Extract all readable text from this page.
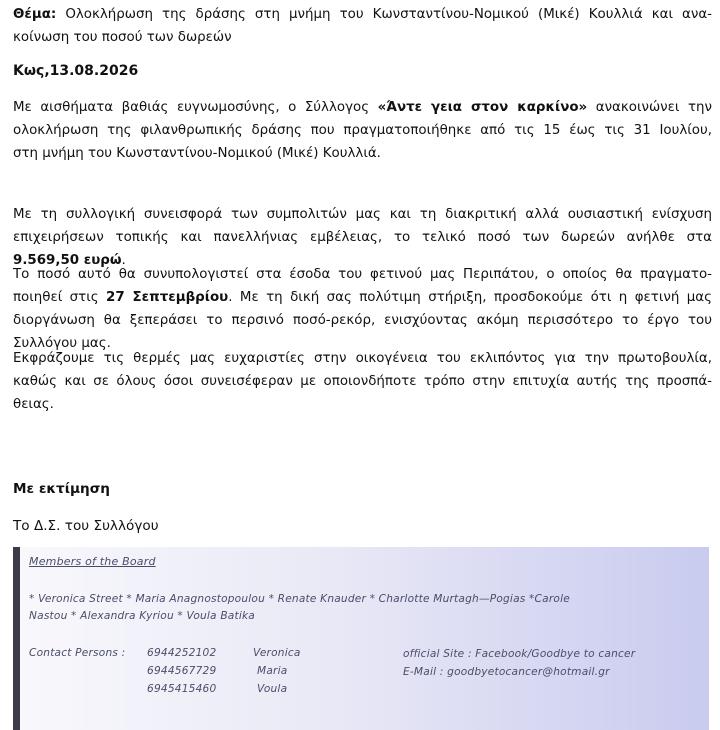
Θέμα: Ολοκλήρωση της δράσης στη μνήμη του Κωνσταντίνου-Νομικού (Μικέ) Κουλλιά και ανα-
κοίνωση του ποσού των δωρεών

Κως,13.08.2026

Με αισθήματα βαθιάς ευγνωμοσύνης, ο Σύλλογος «Άντε γεια στον καρκίνο» ανακοινώνει την
ολοκλήρωση της φιλανθρωπικής δράσης που πραγματοποιήθηκε από τις 15 έως τις 31 Ιουλίου,
στη μνήμη του Κωνσταντίνου-Νομικού (Μικέ) Κουλλιά.

Με τη συλλογική συνεισφορά των συμπολιτών μας και τη διακριτική αλλά ουσιαστική ενίσχυση
επιχειρήσεων τοπικής και πανελλήνιας εμβέλειας, το τελικό ποσό των δωρεών ανήλθε στα
9.569,50 ευρώ.

Το ποσό αυτό θα συνυπολογιστεί στα έσοδα του φετινού μας Περιπάτου, ο οποίος θα πραγματο-
ποιηθεί στις 27 Σεπτεμβρίου. Με τη δική σας πολύτιμη στήριξη, προσδοκούμε ότι η φετινή μας
διοργάνωση θα ξεπεράσει το περσινό ποσό-ρεκόρ, ενισχύοντας ακόμη περισσότερο το έργο του
Συλλόγου μας.

Εκφράζουμε τις θερμές μας ευχαριστίες στην οικογένεια του εκλιπόντος για την πρωτοβουλία,
καθώς και σε όλους όσοι συνεισέφεραν με οποιονδήποτε τρόπο στην επιτυχία αυτής της προσπά-
θειας.

Με εκτίμηση

Το Δ.Σ. του Συλλόγου

Members of the Board
* Veronica Street * Maria Anagnostopoulou * Renate Knauder * Charlotte Murtagh—Pogias *Carole
Nastou * Alexandra Kyriou * Voula Batika
Contact Persons : 6944252102
6944567729
6945415460
Veronica
Maria
Voula
official Site : Facebook/Goodbye to cancer
E-Mail : goodbyetocancer@hotmail.gr
